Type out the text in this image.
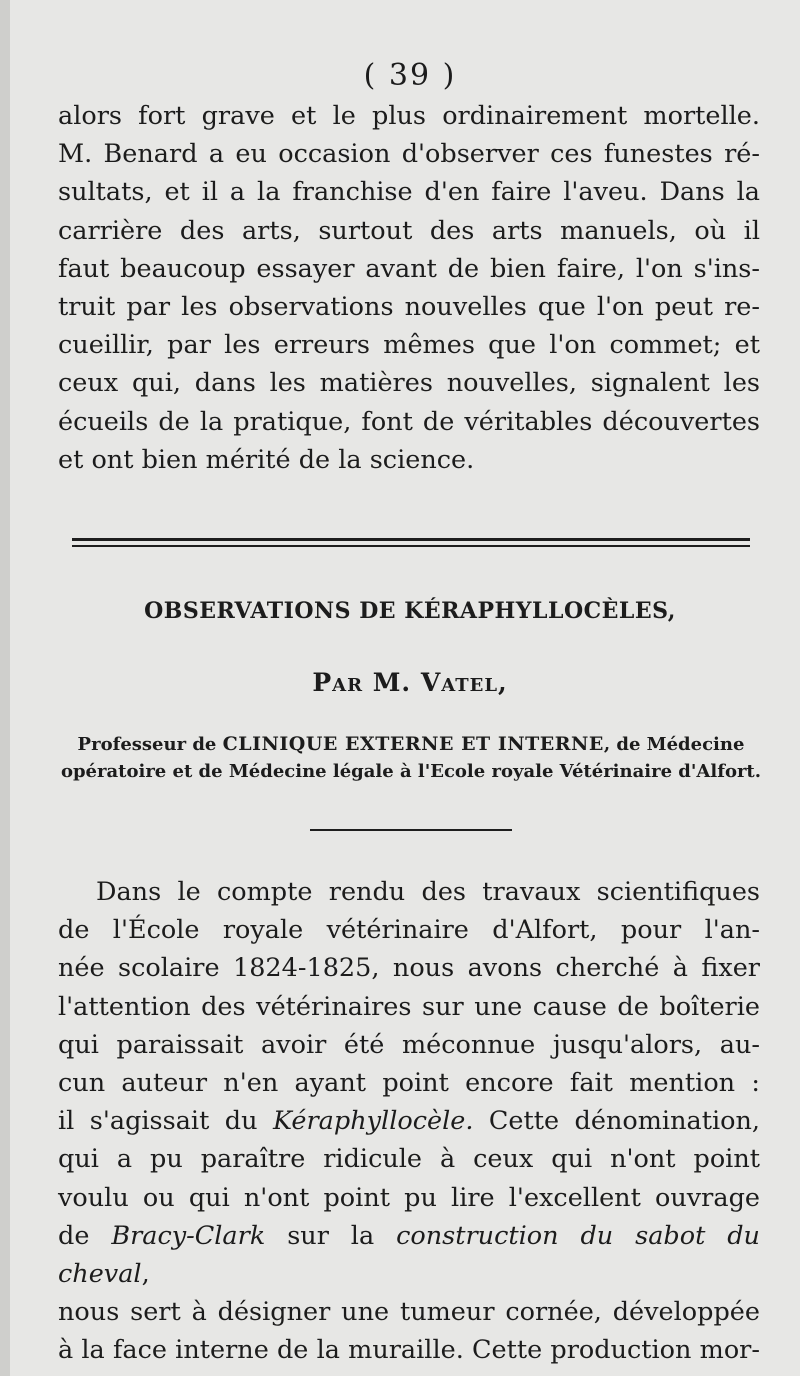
( 39 )
alors fort grave et le plus ordinairement mortelle.
M. Benard a eu occasion d'observer ces funestes ré-
sultats, et il a la franchise d'en faire l'aveu. Dans la
carrière des arts, surtout des arts manuels, où il
faut beaucoup essayer avant de bien faire, l'on s'ins-
truit par les observations nouvelles que l'on peut re-
cueillir, par les erreurs mêmes que l'on commet; et
ceux qui, dans les matières nouvelles, signalent les
écueils de la pratique, font de véritables découvertes
et ont bien mérité de la science.
OBSERVATIONS DE KÉRAPHYLLOCÈLES,
Par M. Vatel,
Professeur de CLINIQUE EXTERNE ET INTERNE, de Médecine
opératoire et de Médecine légale à l'Ecole royale Vétérinaire d'Alfort.
Dans le compte rendu des travaux scientifiques
de l'École royale vétérinaire d'Alfort, pour l'an-
née scolaire 1824-1825, nous avons cherché à fixer
l'attention des vétérinaires sur une cause de boîterie
qui paraissait avoir été méconnue jusqu'alors, au-
cun auteur n'en ayant point encore fait mention :
il s'agissait du Kéraphyllocèle. Cette dénomination,
qui a pu paraître ridicule à ceux qui n'ont point
voulu ou qui n'ont point pu lire l'excellent ouvrage
de Bracy-Clark sur la construction du sabot du cheval,
nous sert à désigner une tumeur cornée, développée
à la face interne de la muraille. Cette production mor-
